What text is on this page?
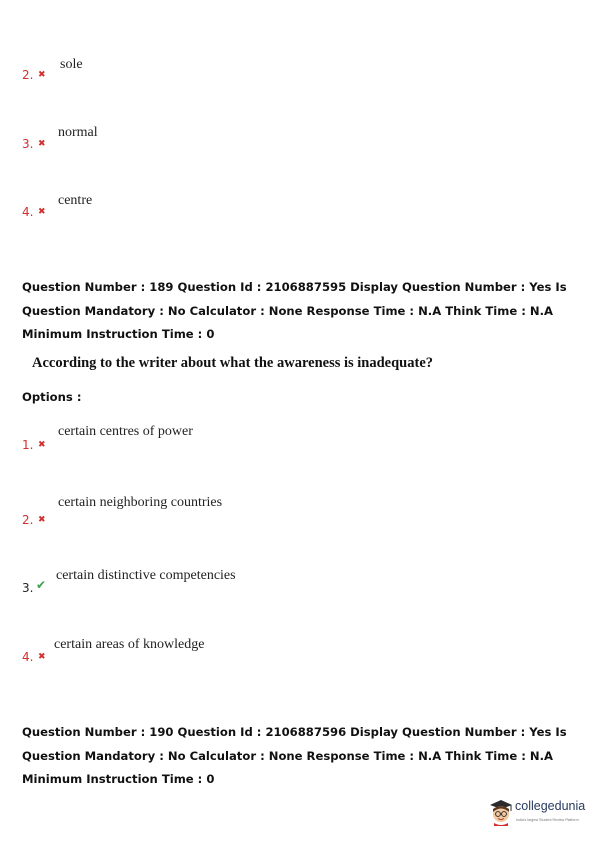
2. ✖
sole
3. ✖
normal
4. ✖
centre
Question Number : 189 Question Id : 2106887595 Display Question Number : Yes Is Question Mandatory : No Calculator : None Response Time : N.A Think Time : N.A Minimum Instruction Time : 0
According to the writer about what the awareness is inadequate?
Options :
1. ✖
certain centres of power
2. ✖
certain neighboring countries
3. ✔
certain distinctive competencies
4. ✖
certain areas of knowledge
Question Number : 190 Question Id : 2106887596 Display Question Number : Yes Is Question Mandatory : No Calculator : None Response Time : N.A Think Time : N.A Minimum Instruction Time : 0
collegedunia
India's largest Student Review Platform
